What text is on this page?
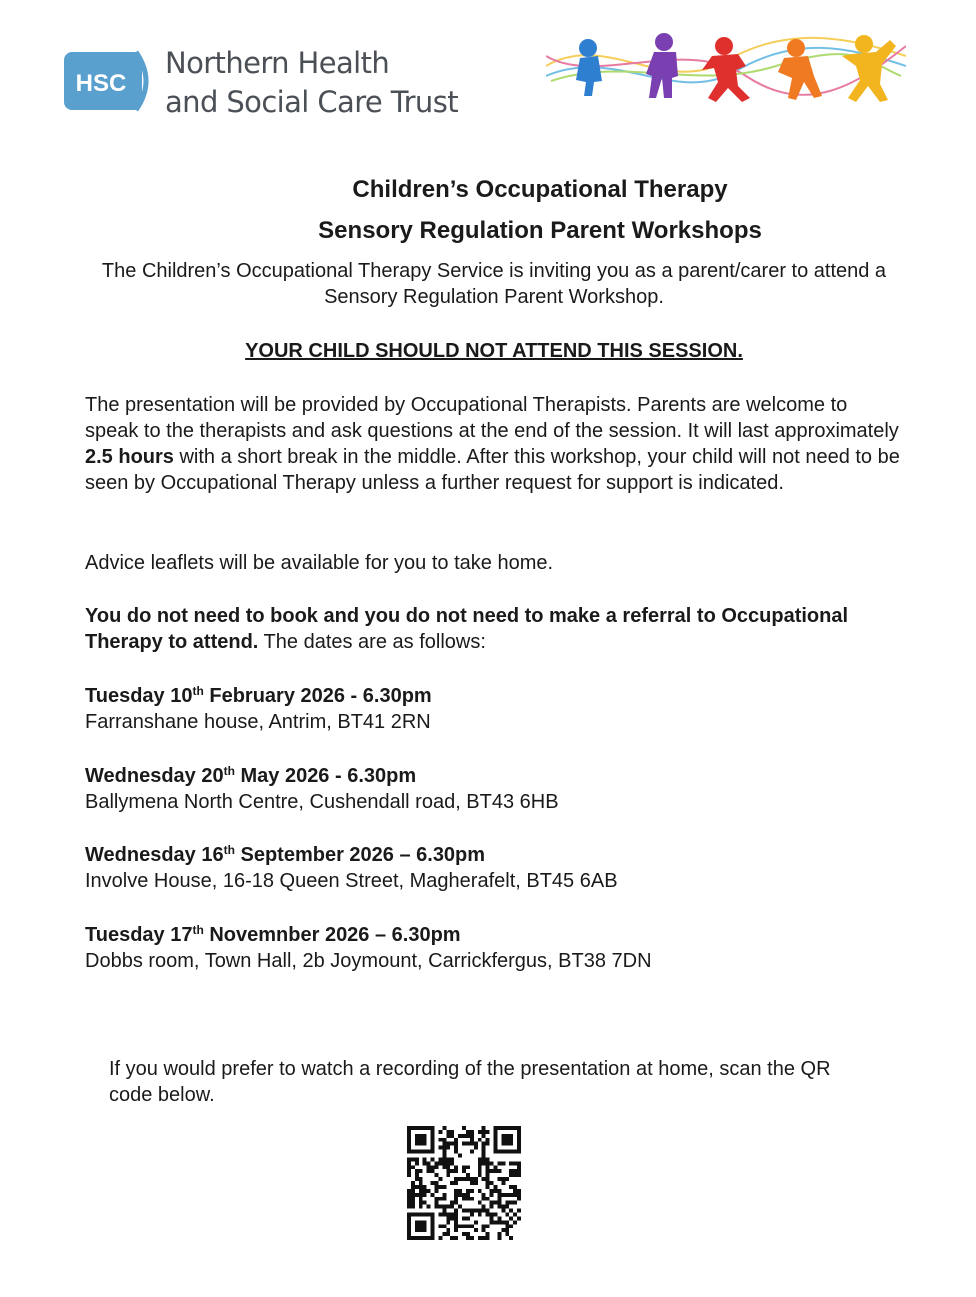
HSC
Northern Health
and Social Care Trust
Children’s Occupational Therapy
Sensory Regulation Parent Workshops
The Children’s Occupational Therapy Service is inviting you as a parent/carer to attend a Sensory Regulation Parent Workshop.
YOUR CHILD SHOULD NOT ATTEND THIS SESSION.
The presentation will be provided by Occupational Therapists. Parents are welcome to speak to the therapists and ask questions at the end of the session. It will last approximately 2.5 hours with a short break in the middle. After this workshop, your child will not need to be seen by Occupational Therapy unless a further request for support is indicated.
Advice leaflets will be available for you to take home.
You do not need to book and you do not need to make a referral to Occupational Therapy to attend. The dates are as follows:
Tuesday 10th February 2026 - 6.30pm
Farranshane house, Antrim, BT41 2RN
Wednesday 20th May 2026 - 6.30pm
Ballymena North Centre, Cushendall road, BT43 6HB
Wednesday 16th September 2026 – 6.30pm
Involve House, 16-18 Queen Street, Magherafelt, BT45 6AB
Tuesday 17th Novemnber 2026 – 6.30pm
Dobbs room, Town Hall, 2b Joymount, Carrickfergus, BT38 7DN
If you would prefer to watch a recording of the presentation at home, scan the QR code below.
